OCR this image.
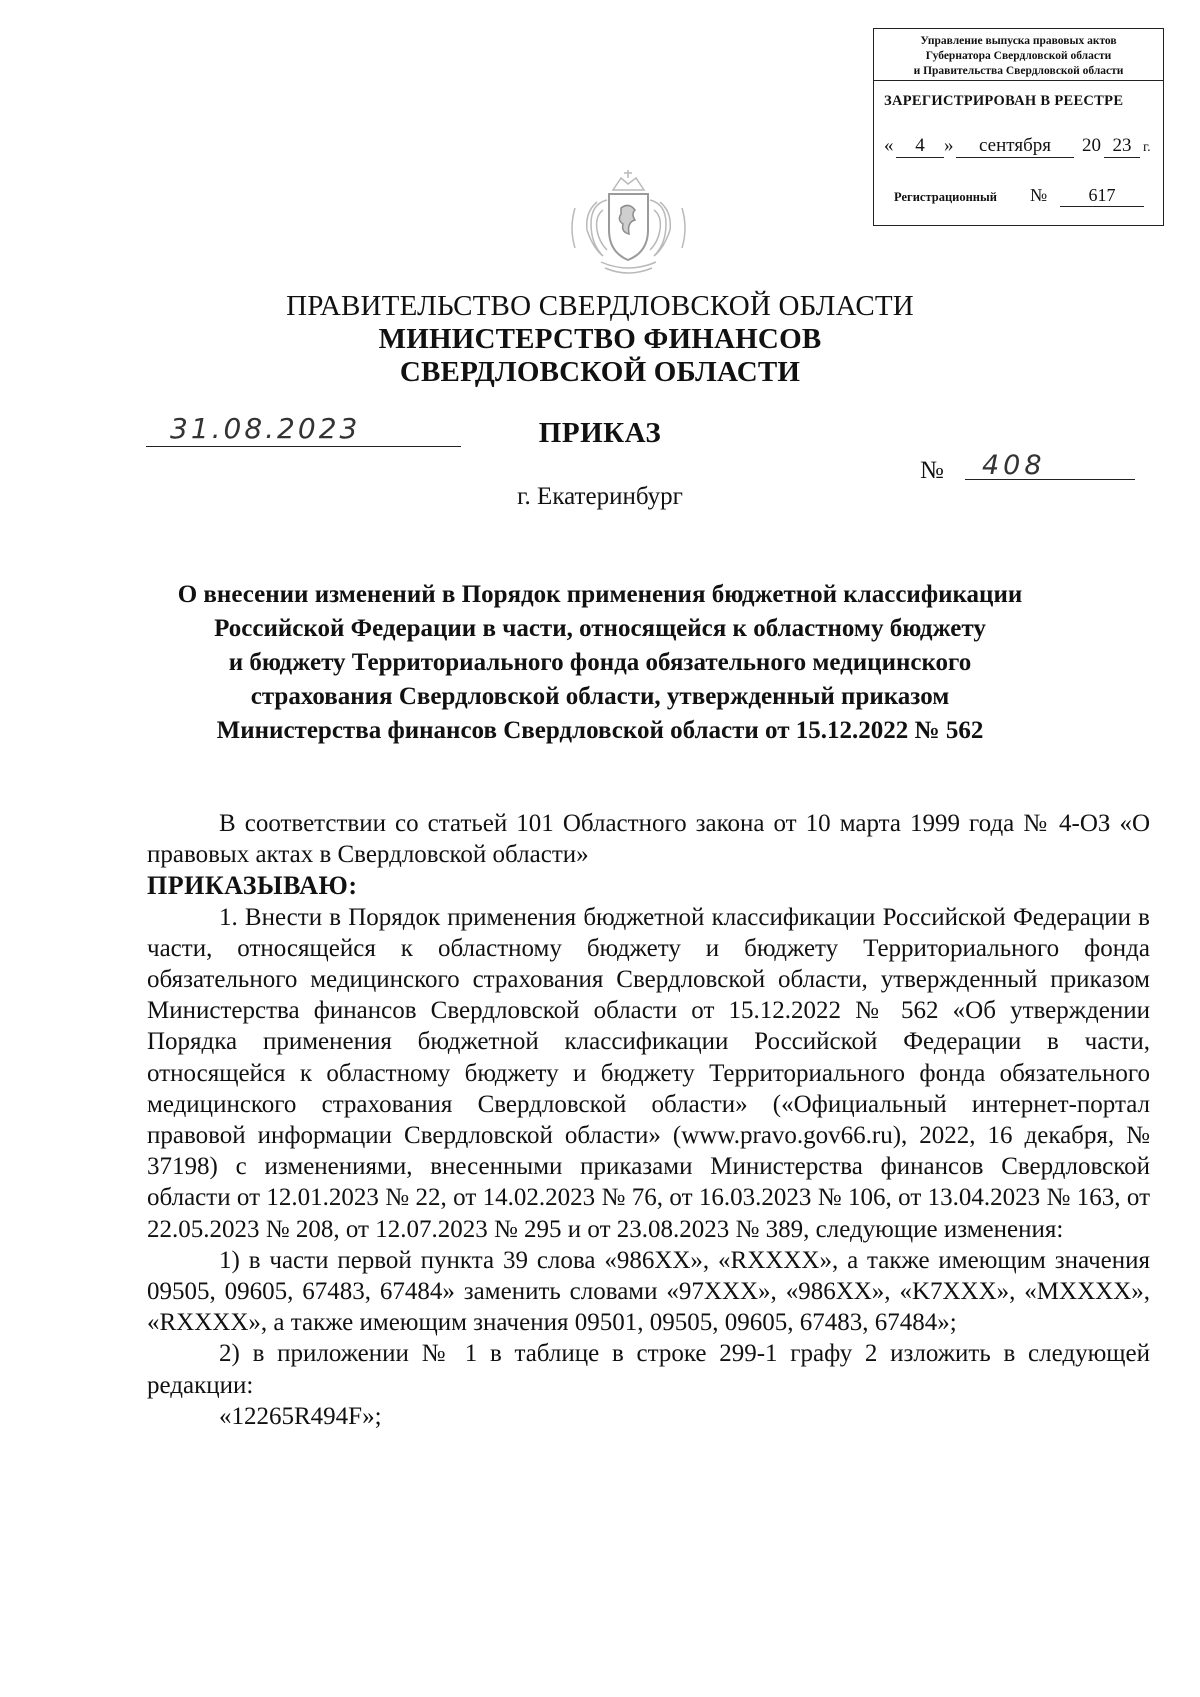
Управление выпуска правовых актов
Губернатора Свердловской области
и Правительства Свердловской области
ЗАРЕГИСТРИРОВАН В РЕЕСТРЕ
«	4	»	сентября	20 23 г.
Регистрационный №	617
ПРАВИТЕЛЬСТВО СВЕРДЛОВСКОЙ ОБЛАСТИ
МИНИСТЕРСТВО ФИНАНСОВ
СВЕРДЛОВСКОЙ ОБЛАСТИ
ПРИКАЗ
31.08.2023
№ 408
г. Екатеринбург
О внесении изменений в Порядок применения бюджетной классификации
Российской Федерации в части, относящейся к областному бюджету
и бюджету Территориального фонда обязательного медицинского
страхования Свердловской области, утвержденный приказом
Министерства финансов Свердловской области от 15.12.2022 № 562

В соответствии со статьей 101 Областного закона от 10 марта 1999 года № 4-ОЗ «О правовых актах в Свердловской области»

ПРИКАЗЫВАЮ:

1. Внести в Порядок применения бюджетной классификации Российской Федерации в части, относящейся к областному бюджету и бюджету Территориального фонда обязательного медицинского страхования Свердловской области, утвержденный приказом Министерства финансов Свердловской области от 15.12.2022 № 562 «Об утверждении Порядка применения бюджетной классификации Российской Федерации в части, относящейся к областному бюджету и бюджету Территориального фонда обязательного медицинского страхования Свердловской области» («Официальный интернет-портал правовой информации Свердловской области» (www.pravo.gov66.ru), 2022, 16 декабря, № 37198) с изменениями, внесенными приказами Министерства финансов Свердловской области от 12.01.2023 № 22, от 14.02.2023 № 76, от 16.03.2023 № 106, от 13.04.2023 № 163, от 22.05.2023 № 208, от 12.07.2023 № 295 и от 23.08.2023 № 389, следующие изменения:

1) в части первой пункта 39 слова «986XX», «RXXXX», а также имеющим значения 09505, 09605, 67483, 67484» заменить словами «97XXX», «986XX», «K7XXX», «MXXXX», «RXXXX», а также имеющим значения 09501, 09505, 09605, 67483, 67484»;

2) в приложении № 1 в таблице в строке 299-1 графу 2 изложить в следующей редакции:

«12265R494F»;
